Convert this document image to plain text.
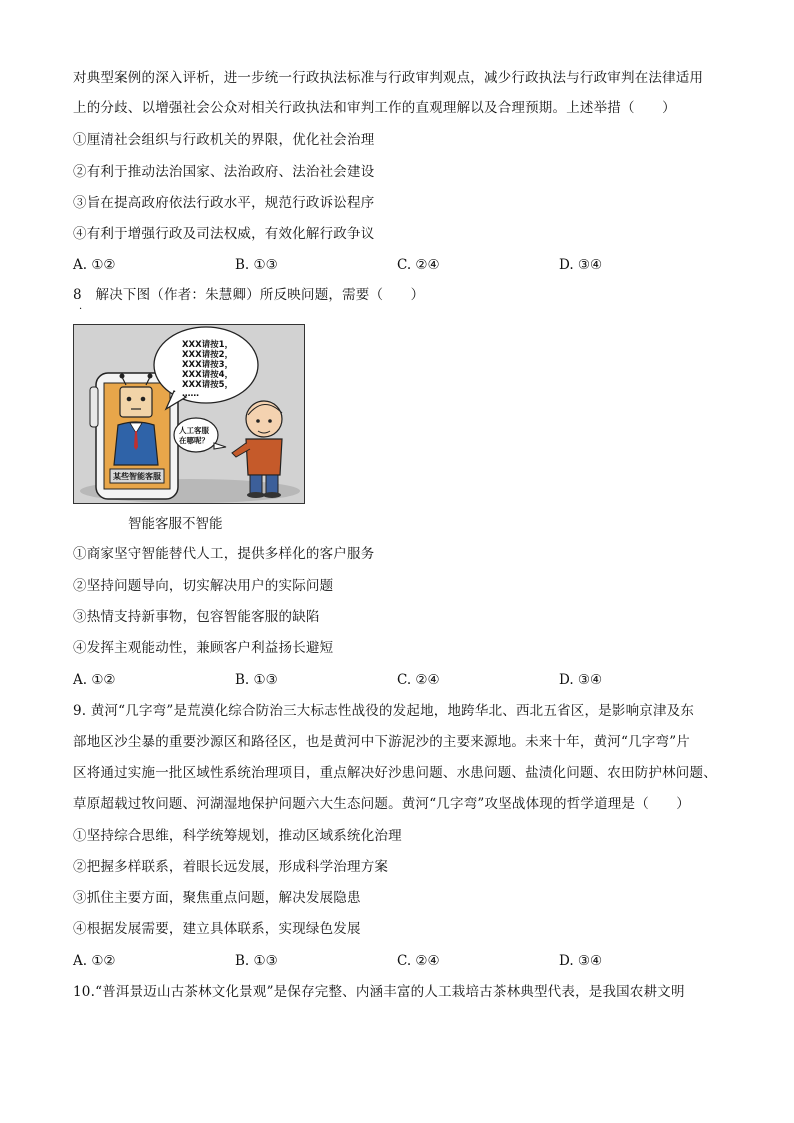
对典型案例的深入评析，进一步统一行政执法标准与行政审判观点，减少行政执法与行政审判在法律适用
上的分歧、以增强社会公众对相关行政执法和审判工作的直观理解以及合理预期。上述举措（　　）
①厘清社会组织与行政机关的界限，优化社会治理
②有利于推动法治国家、法治政府、法治社会建设
③旨在提高政府依法行政水平，规范行政诉讼程序
④有利于增强行政及司法权威，有效化解行政争议
A. ①②	B. ①③	C. ②④	D. ③④
8　解决下图（作者：朱慧卿）所反映问题，需要（　　）
·
某些智能客服
XXX请按1，
XXX请按2，
XXX请按3，
XXX请按4，
XXX请按5，
……
人工客服
在哪呢？
智能客服不智能
①商家坚守智能替代人工，提供多样化的客户服务
②坚持问题导向，切实解决用户的实际问题
③热情支持新事物，包容智能客服的缺陷
④发挥主观能动性，兼顾客户利益扬长避短
A. ①②	B. ①③	C. ②④	D. ③④
9. 黄河“几字弯”是荒漠化综合防治三大标志性战役的发起地，地跨华北、西北五省区，是影响京津及东
部地区沙尘暴的重要沙源区和路径区，也是黄河中下游泥沙的主要来源地。未来十年，黄河“几字弯”片
区将通过实施一批区域性系统治理项目，重点解决好沙患问题、水患问题、盐渍化问题、农田防护林问题、
草原超载过牧问题、河湖湿地保护问题六大生态问题。黄河“几字弯”攻坚战体现的哲学道理是（　　）
①坚持综合思维，科学统筹规划，推动区域系统化治理
②把握多样联系，着眼长远发展，形成科学治理方案
③抓住主要方面，聚焦重点问题，解决发展隐患
④根据发展需要，建立具体联系，实现绿色发展
A. ①②	B. ①③	C. ②④	D. ③④
10.“普洱景迈山古茶林文化景观”是保存完整、内涵丰富的人工栽培古茶林典型代表，是我国农耕文明
